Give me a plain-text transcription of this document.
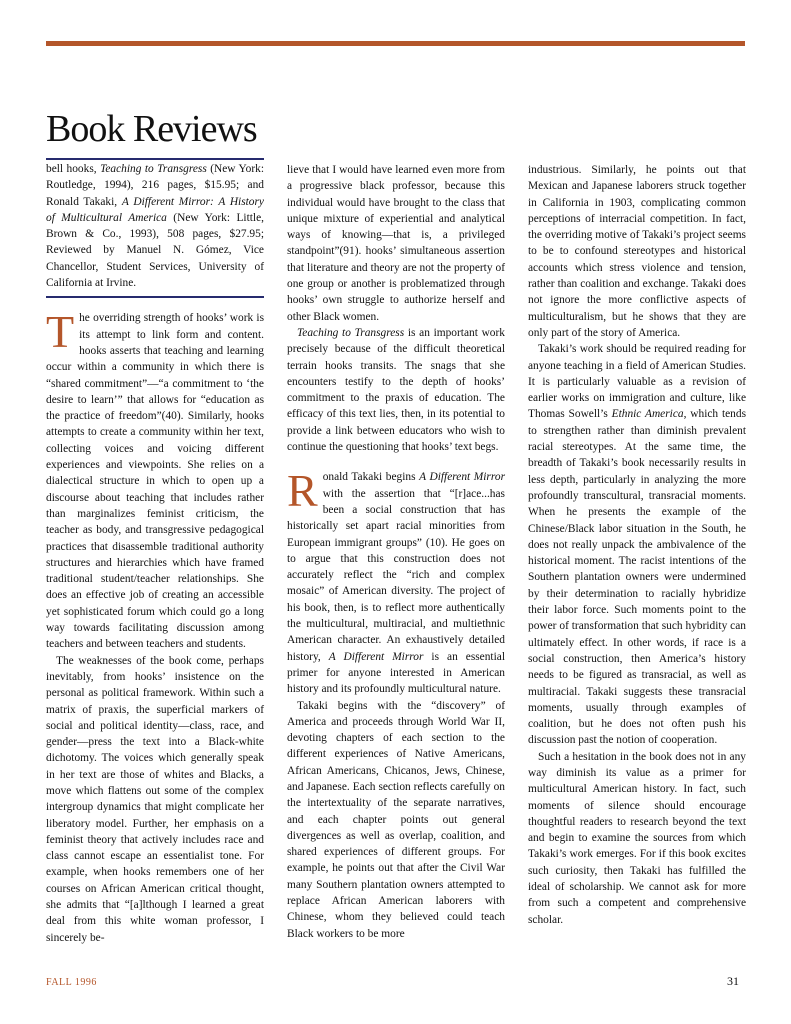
Book Reviews

bell hooks, Teaching to Transgress (New York: Routledge, 1994), 216 pages, $15.95; and Ronald Takaki, A Different Mirror: A History of Multicultural America (New York: Little, Brown & Co., 1993), 508 pages, $27.95; Reviewed by Manuel N. Gómez, Vice Chancellor, Student Services, University of California at Irvine.

The overriding strength of hooks’ work is its attempt to link form and content. hooks asserts that teaching and learning occur within a community in which there is “shared commitment”—“a commitment to ‘the desire to learn’” that allows for “education as the practice of freedom”(40). Similarly, hooks attempts to create a community within her text, collecting voices and voicing different experiences and viewpoints. She relies on a dialectical structure in which to open up a discourse about teaching that includes rather than marginalizes feminist criticism, the teacher as body, and transgressive pedagogical practices that disassemble traditional authority structures and hierarchies which have framed traditional student/teacher relationships. She does an effective job of creating an accessible yet sophisticated forum which could go a long way towards facilitating discussion among teachers and between teachers and students.

The weaknesses of the book come, perhaps inevitably, from hooks’ insistence on the personal as political framework. Within such a matrix of praxis, the superficial markers of social and political identity—class, race, and gender—press the text into a Black-white dichotomy. The voices which generally speak in her text are those of whites and Blacks, a move which flattens out some of the complex intergroup dynamics that might complicate her liberatory model. Further, her emphasis on a feminist theory that actively includes race and class cannot escape an essentialist tone. For example, when hooks remembers one of her courses on African American critical thought, she admits that “[a]lthough I learned a great deal from this white woman professor, I sincerely be-

lieve that I would have learned even more from a progressive black professor, because this individual would have brought to the class that unique mixture of experiential and analytical ways of knowing—that is, a privileged standpoint”(91). hooks’ simultaneous assertion that literature and theory are not the property of one group or another is problematized through hooks’ own struggle to authorize herself and other Black women.

Teaching to Transgress is an important work precisely because of the difficult theoretical terrain hooks transits. The snags that she encounters testify to the depth of hooks’ commitment to the praxis of education. The efficacy of this text lies, then, in its potential to provide a link between educators who wish to continue the questioning that hooks’ text begs.

Ronald Takaki begins A Different Mirror with the assertion that “[r]ace...has been a social construction that has historically set apart racial minorities from European immigrant groups” (10). He goes on to argue that this construction does not accurately reflect the “rich and complex mosaic” of American diversity. The project of his book, then, is to reflect more authentically the multicultural, multiracial, and multiethnic American character. An exhaustively detailed history, A Different Mirror is an essential primer for anyone interested in American history and its profoundly multicultural nature.

Takaki begins with the “discovery” of America and proceeds through World War II, devoting chapters of each section to the different experiences of Native Americans, African Americans, Chicanos, Jews, Chinese, and Japanese. Each section reflects carefully on the intertextuality of the separate narratives, and each chapter points out general divergences as well as overlap, coalition, and shared experiences of different groups. For example, he points out that after the Civil War many Southern plantation owners attempted to replace African American laborers with Chinese, whom they believed could teach Black workers to be more

industrious. Similarly, he points out that Mexican and Japanese laborers struck together in California in 1903, complicating common perceptions of interracial competition. In fact, the overriding motive of Takaki’s project seems to be to confound stereotypes and historical accounts which stress violence and tension, rather than coalition and exchange. Takaki does not ignore the more conflictive aspects of multiculturalism, but he shows that they are only part of the story of America.

Takaki’s work should be required reading for anyone teaching in a field of American Studies. It is particularly valuable as a revision of earlier works on immigration and culture, like Thomas Sowell’s Ethnic America, which tends to strengthen rather than diminish prevalent racial stereotypes. At the same time, the breadth of Takaki’s book necessarily results in less depth, particularly in analyzing the more profoundly transcultural, transracial moments. When he presents the example of the Chinese/Black labor situation in the South, he does not really unpack the ambivalence of the historical moment. The racist intentions of the Southern plantation owners were undermined by their determination to racially hybridize their labor force. Such moments point to the power of transformation that such hybridity can ultimately effect. In other words, if race is a social construction, then America’s history needs to be figured as transracial, as well as multiracial. Takaki suggests these transracial moments, usually through examples of coalition, but he does not often push his discussion past the notion of cooperation.

Such a hesitation in the book does not in any way diminish its value as a primer for multicultural American history. In fact, such moments of silence should encourage thoughtful readers to research beyond the text and begin to examine the sources from which Takaki’s work emerges. For if this book excites such curiosity, then Takaki has fulfilled the ideal of scholarship. We cannot ask for more from such a competent and comprehensive scholar.

FALL 1996	31
